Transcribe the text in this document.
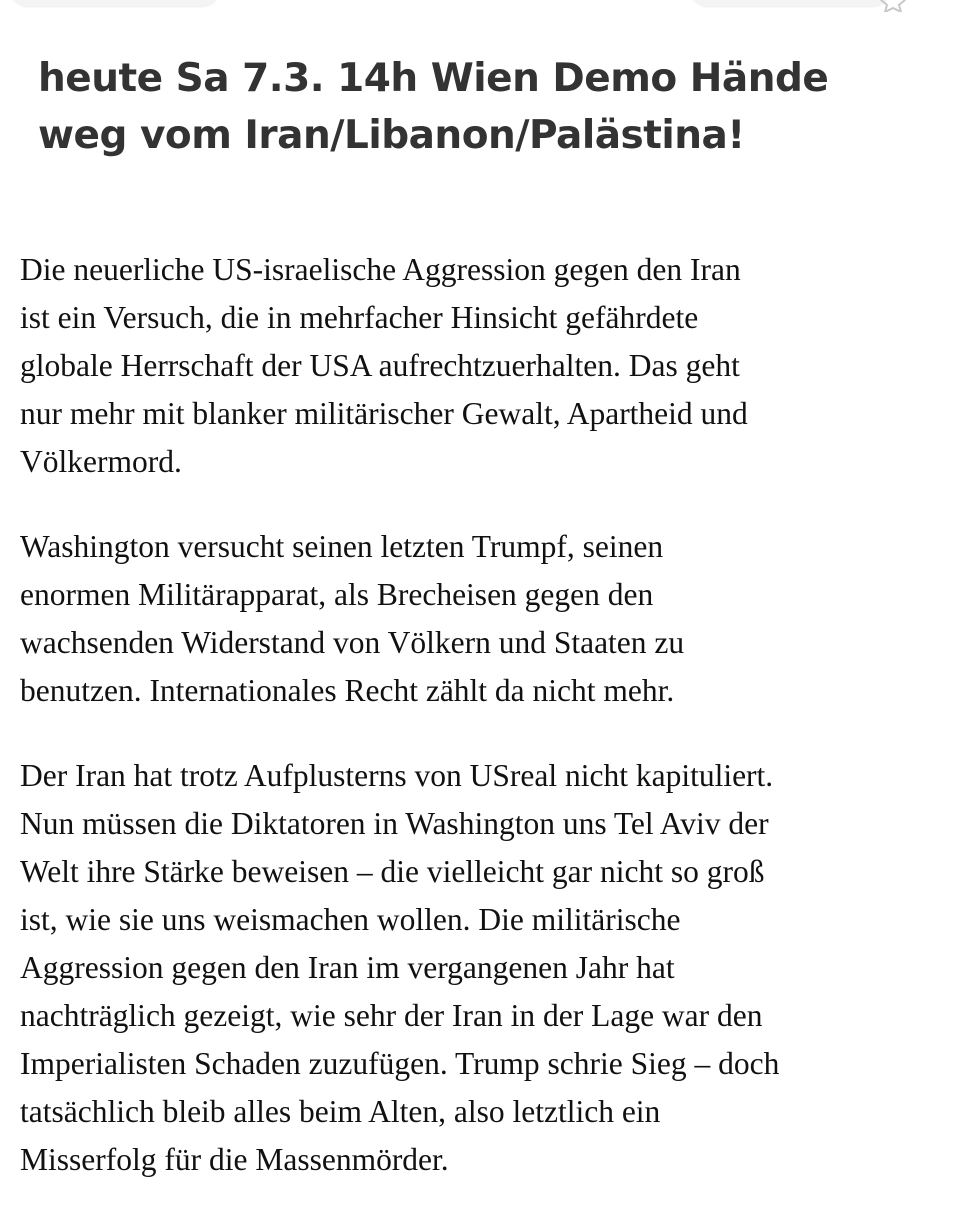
heute Sa 7.3. 14h Wien Demo Hände
weg vom Iran/Libanon/Palästina!

Die neuerliche US-israelische Aggression gegen den Iran
ist ein Versuch, die in mehrfacher Hinsicht gefährdete
globale Herrschaft der USA aufrechtzuerhalten. Das geht
nur mehr mit blanker militärischer Gewalt, Apartheid und
Völkermord.

Washington versucht seinen letzten Trumpf, seinen
enormen Militärapparat, als Brecheisen gegen den
wachsenden Widerstand von Völkern und Staaten zu
benutzen. Internationales Recht zählt da nicht mehr.

Der Iran hat trotz Aufplusterns von USreal nicht kapituliert.
Nun müssen die Diktatoren in Washington uns Tel Aviv der
Welt ihre Stärke beweisen – die vielleicht gar nicht so groß
ist, wie sie uns weismachen wollen. Die militärische
Aggression gegen den Iran im vergangenen Jahr hat
nachträglich gezeigt, wie sehr der Iran in der Lage war den
Imperialisten Schaden zuzufügen. Trump schrie Sieg – doch
tatsächlich bleib alles beim Alten, also letztlich ein
Misserfolg für die Massenmörder.
